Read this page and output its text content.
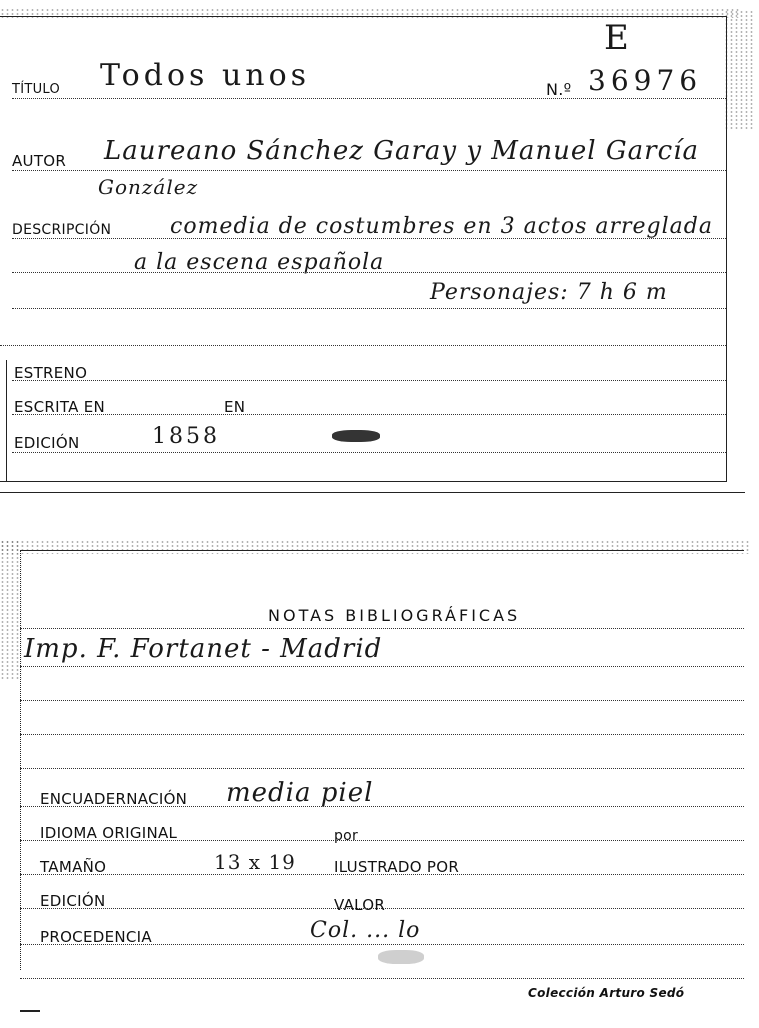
E
TÍTULO Todos unos	N.º 36976
AUTOR Laureano Sánchez Garay y Manuel García
González
DESCRIPCIÓN	comedia de costumbres en 3 actos arreglada
a la escena española
Personajes: 7 h 6 m
ESTRENO
ESCRITA EN	EN
EDICIÓN	1858
NOTAS BIBLIOGRÁFICAS
Imp. F. Fortanet - Madrid
ENCUADERNACIÓN media piel
IDIOMA ORIGINAL	por
TAMAÑO	13 x 19	ILUSTRADO POR
EDICIÓN	VALOR
PROCEDENCIA	Col. ... lo
Colección Arturo Sedó
